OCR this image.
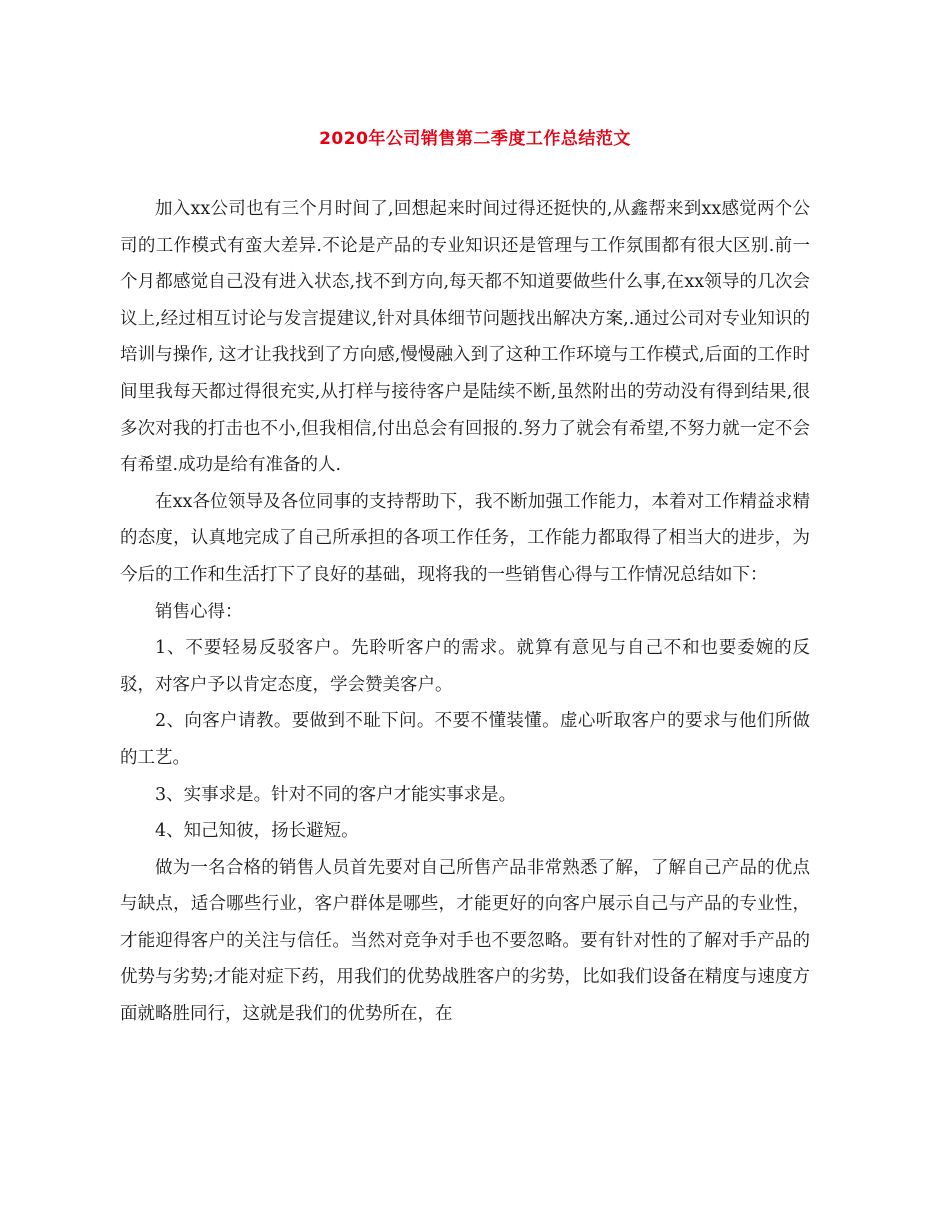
2020年公司销售第二季度工作总结范文

加入xx公司也有三个月时间了,回想起来时间过得还挺快的,从鑫帮来到xx感觉两个公司的工作模式有蛮大差异.不论是产品的专业知识还是管理与工作氛围都有很大区别.前一个月都感觉自己没有进入状态,找不到方向,每天都不知道要做些什么事,在xx领导的几次会议上,经过相互讨论与发言提建议,针对具体细节问题找出解决方案,.通过公司对专业知识的培训与操作, 这才让我找到了方向感,慢慢融入到了这种工作环境与工作模式,后面的工作时间里我每天都过得很充实,从打样与接待客户是陆续不断,虽然附出的劳动没有得到结果,很多次对我的打击也不小,但我相信,付出总会有回报的.努力了就会有希望,不努力就一定不会有希望.成功是给有准备的人.

在xx各位领导及各位同事的支持帮助下，我不断加强工作能力，本着对工作精益求精的态度，认真地完成了自己所承担的各项工作任务，工作能力都取得了相当大的进步，为今后的工作和生活打下了良好的基础，现将我的一些销售心得与工作情况总结如下：

销售心得：

1、不要轻易反驳客户。先聆听客户的需求。就算有意见与自己不和也要委婉的反驳，对客户予以肯定态度，学会赞美客户。

2、向客户请教。要做到不耻下问。不要不懂装懂。虚心听取客户的要求与他们所做的工艺。

3、实事求是。针对不同的客户才能实事求是。

4、知己知彼，扬长避短。

做为一名合格的销售人员首先要对自己所售产品非常熟悉了解，了解自己产品的优点与缺点，适合哪些行业，客户群体是哪些，才能更好的向客户展示自己与产品的专业性，才能迎得客户的关注与信任。当然对竞争对手也不要忽略。要有针对性的了解对手产品的优势与劣势;才能对症下药，用我们的优势战胜客户的劣势，比如我们设备在精度与速度方面就略胜同行，这就是我们的优势所在，在
